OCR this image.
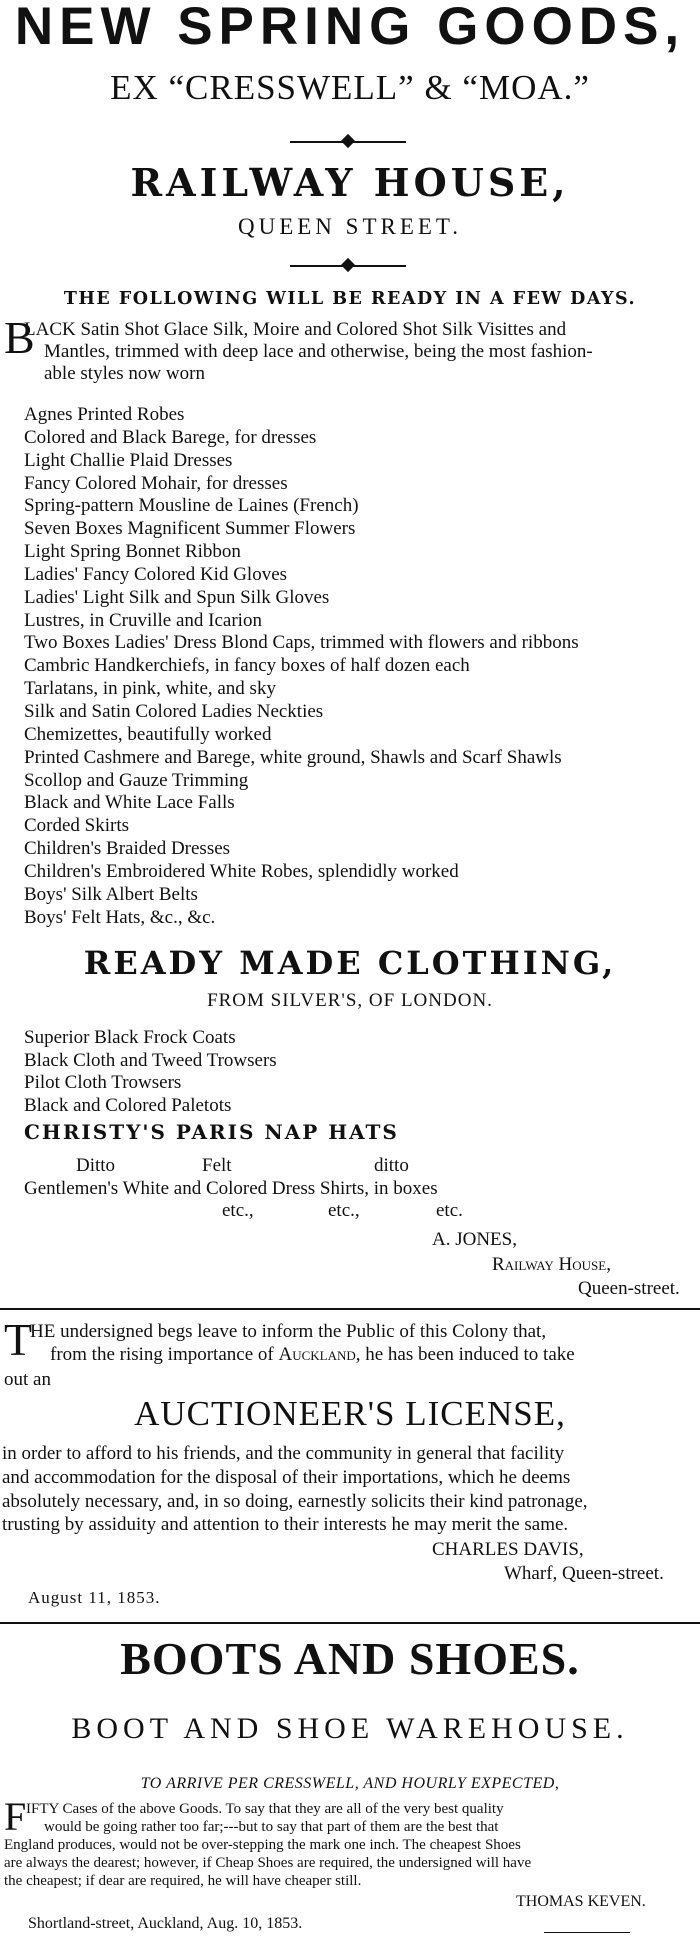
NEW SPRING GOODS,
EX “CRESSWELL” & “MOA.”
RAILWAY HOUSE,
QUEEN STREET.
THE FOLLOWING WILL BE READY IN A FEW DAYS.
B
LACK Satin Shot Glace Silk, Moire and Colored Shot Silk Visittes and
Mantles, trimmed with deep lace and otherwise, being the most fashion-
able styles now worn
Agnes Printed Robes
Colored and Black Barege, for dresses
Light Challie Plaid Dresses
Fancy Colored Mohair, for dresses
Spring-pattern Mousline de Laines (French)
Seven Boxes Magnificent Summer Flowers
Light Spring Bonnet Ribbon
Ladies' Fancy Colored Kid Gloves
Ladies' Light Silk and Spun Silk Gloves
Lustres, in Cruville and Icarion
Two Boxes Ladies' Dress Blond Caps, trimmed with flowers and ribbons
Cambric Handkerchiefs, in fancy boxes of half dozen each
Tarlatans, in pink, white, and sky
Silk and Satin Colored Ladies Neckties
Chemizettes, beautifully worked
Printed Cashmere and Barege, white ground, Shawls and Scarf Shawls
Scollop and Gauze Trimming
Black and White Lace Falls
Corded Skirts
Children's Braided Dresses
Children's Embroidered White Robes, splendidly worked
Boys' Silk Albert Belts
Boys' Felt Hats, &c., &c.
READY MADE CLOTHING,
FROM SILVER'S, OF LONDON.
Superior Black Frock Coats
Black Cloth and Tweed Trowsers
Pilot Cloth Trowsers
Black and Colored Paletots
CHRISTY'S PARIS NAP HATS
Ditto	Felt	ditto
Gentlemen's White and Colored Dress Shirts, in boxes
etc.,	etc.,	etc.
A. JONES,
Railway House,
Queen-street.
T
HE undersigned begs leave to inform the Public of this Colony that,
from the rising importance of Auckland, he has been induced to take
out an
AUCTIONEER'S LICENSE,
in order to afford to his friends, and the community in general that facility
and accommodation for the disposal of their importations, which he deems
absolutely necessary, and, in so doing, earnestly solicits their kind patronage,
trusting by assiduity and attention to their interests he may merit the same.
CHARLES DAVIS,
Wharf, Queen-street.
August 11, 1853.
BOOTS AND SHOES.
BOOT AND SHOE WAREHOUSE.
TO ARRIVE PER CRESSWELL, AND HOURLY EXPECTED,
F IFTY Cases of the above Goods. To say that they are all of the very best quality
would be going rather too far;---but to say that part of them are the best that
England produces, would not be over-stepping the mark one inch. The cheapest Shoes
are always the dearest; however, if Cheap Shoes are required, the undersigned will have
the cheapest; if dear are required, he will have cheaper still.
THOMAS KEVEN.
Shortland-street, Auckland, Aug. 10, 1853.
